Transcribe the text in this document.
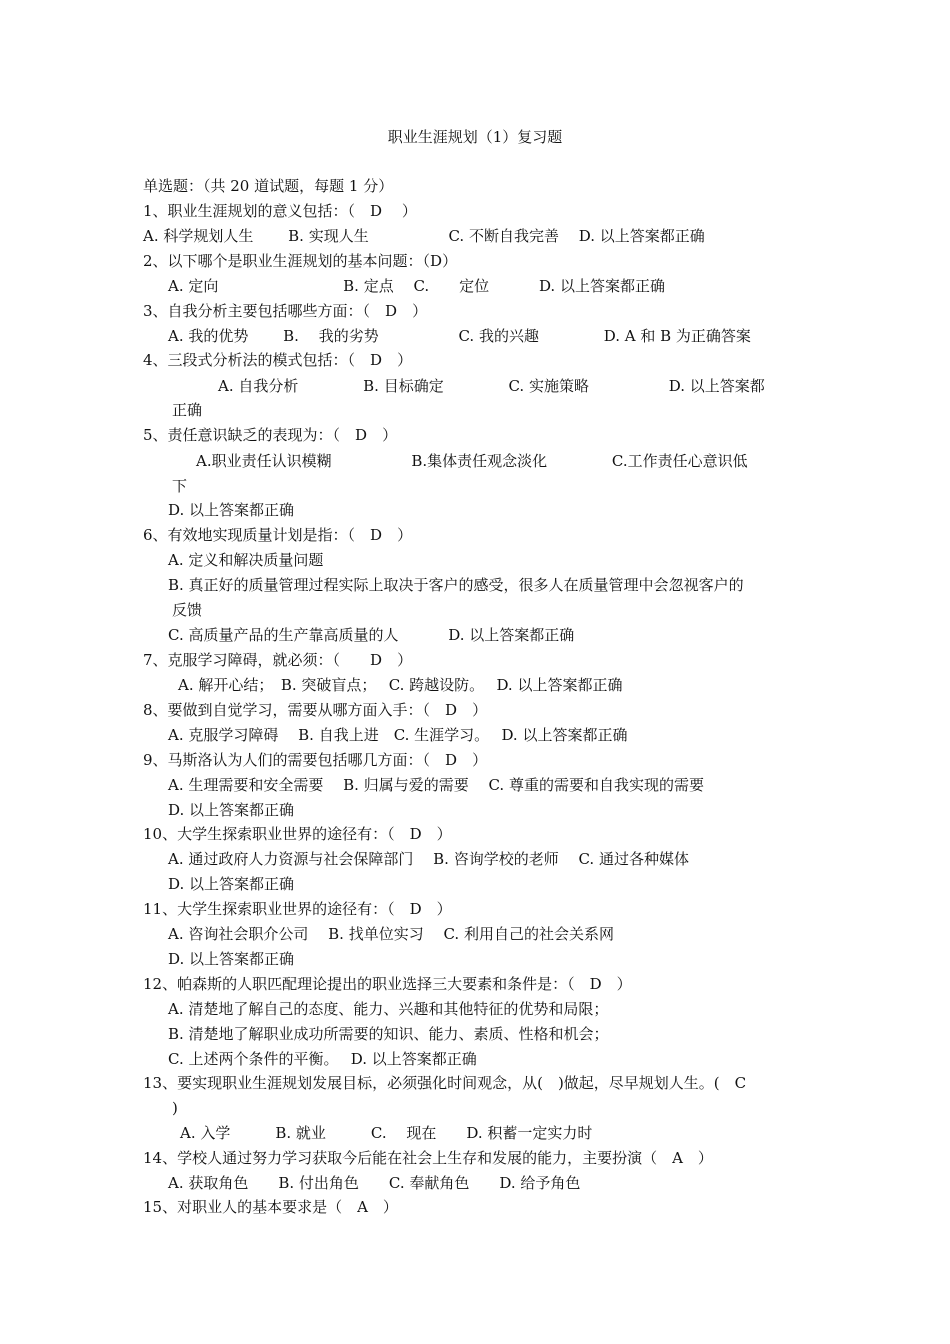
职业生涯规划（1）复习题
单选题：（共 20 道试题，每题 1 分）
1、职业生涯规划的意义包括：（　D　 ）
A. 科学规划人生　　 B. 实现人生　　　　　 C. 不断自我完善　 D. 以上答案都正确
2、以下哪个是职业生涯规划的基本问题：（D）
A. 定向　　　　　　　　 B. 定点　 C.　　定位　　　 D. 以上答案都正确
3、自我分析主要包括哪些方面：（　D　）
A. 我的优势　　 B.　 我的劣势　　　　　 C. 我的兴趣　　　　 D. A 和 B 为正确答案
4、三段式分析法的模式包括：（　D　）
A. 自我分析　　　　 B. 目标确定　　　　 C. 实施策略　　　　　 D. 以上答案都
正确
5、责任意识缺乏的表现为：（　D　）
A.职业责任认识模糊　　　　　 B.集体责任观念淡化　　　　 C.工作责任心意识低
下
D. 以上答案都正确
6、有效地实现质量计划是指：（　D　）
A. 定义和解决质量问题
B. 真正好的质量管理过程实际上取决于客户的感受，很多人在质量管理中会忽视客户的
反馈
C. 高质量产品的生产靠高质量的人　　　 D. 以上答案都正确
7、克服学习障碍，就必须：（　　D　）
A. 解开心结；　B. 突破盲点；　 C. 跨越设防。　 D. 以上答案都正确
8、要做到自觉学习，需要从哪方面入手：（　D　）
A. 克服学习障碍　 B. 自我上进　C. 生涯学习。　 D. 以上答案都正确
9、马斯洛认为人们的需要包括哪几方面：（　D　）
A. 生理需要和安全需要　 B. 归属与爱的需要　 C. 尊重的需要和自我实现的需要
D. 以上答案都正确
10、大学生探索职业世界的途径有：（　D　）
A. 通过政府人力资源与社会保障部门　 B. 咨询学校的老师　 C. 通过各种媒体
D. 以上答案都正确
11、大学生探索职业世界的途径有：（　D　）
A. 咨询社会职介公司　 B. 找单位实习　 C. 利用自己的社会关系网
D. 以上答案都正确
12、帕森斯的人职匹配理论提出的职业选择三大要素和条件是：（　D　）
A. 清楚地了解自己的态度、能力、兴趣和其他特征的优势和局限；
B. 清楚地了解职业成功所需要的知识、能力、素质、性格和机会；
C. 上述两个条件的平衡。　 D. 以上答案都正确
13、要实现职业生涯规划发展目标，必须强化时间观念，从(　)做起，尽早规划人生。(　C
)
A. 入学　　　B. 就业　　　C.　 现在　　D. 积蓄一定实力时
14、学校人通过努力学习获取今后能在社会上生存和发展的能力，主要扮演（　A　）
A. 获取角色　　B. 付出角色　　C. 奉献角色　　D. 给予角色
15、对职业人的基本要求是（　A　）
